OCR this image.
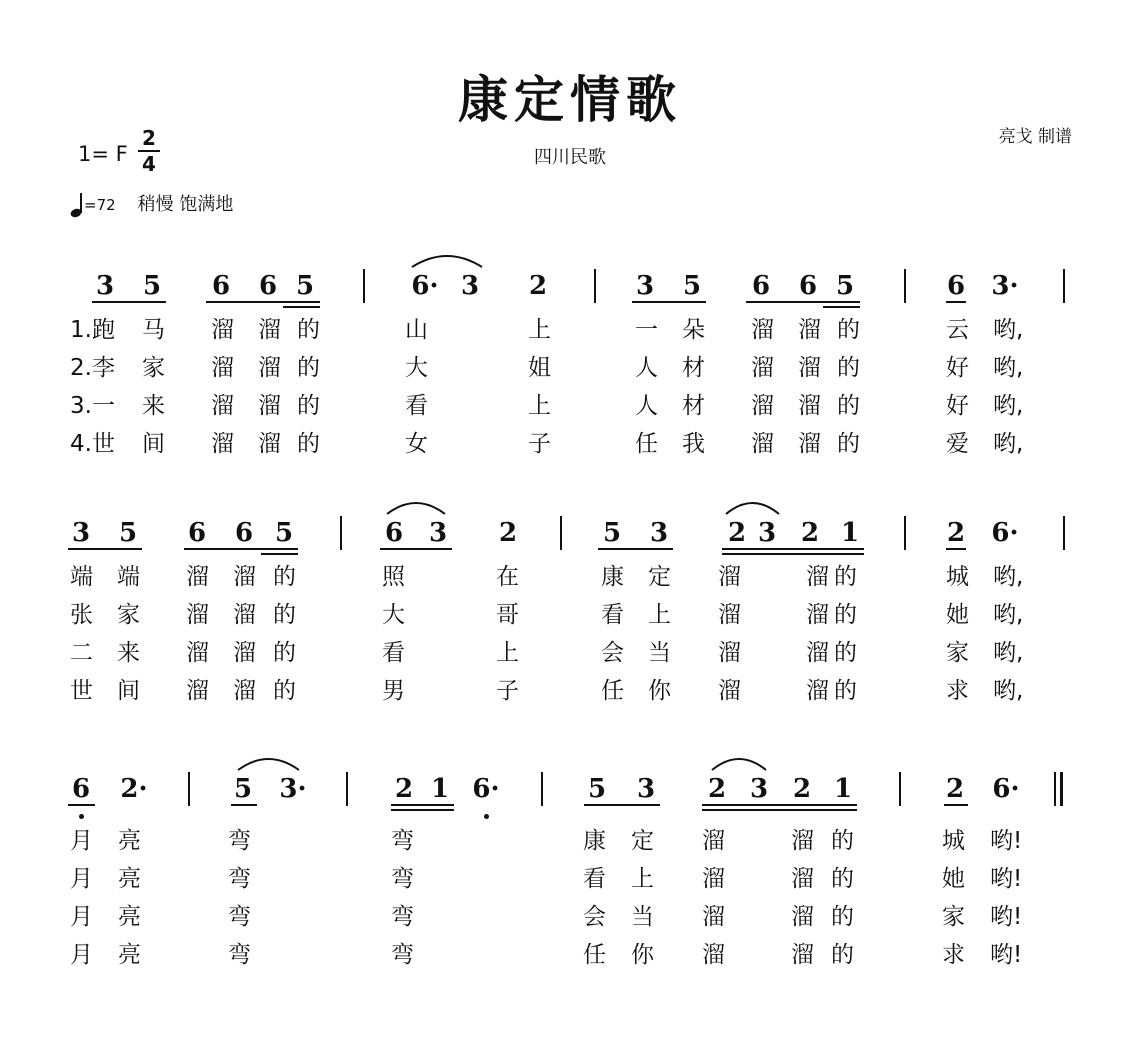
康定情歌
四川民歌
亮戈 制谱
1= F
2
4
=72 稍慢 饱满地
3 5 6 6 5	6· 3 2	3 5 6 6 5	6 3·
1.跑 马 溜 溜 的	山	上	一 朵 溜 溜 的	云 哟,
2.李 家 溜 溜 的	大	姐	人 材 溜 溜 的	好 哟,
3.一 来 溜 溜 的	看	上	人 材 溜 溜 的	好 哟,
4.世 间 溜 溜 的	女	子	任 我 溜 溜 的	爱 哟,
3 5 6 6 5	6 3 2	5 3 2 3 2 1	2 6·
端 端 溜 溜 的	照	在	康 定 溜	溜 的	城 哟,
张 家 溜 溜 的	大	哥	看 上 溜	溜 的	她 哟,
二 来 溜 溜 的	看	上	会 当 溜	溜 的	家 哟,
世 间 溜 溜 的	男	子	任 你 溜	溜 的	求 哟,
6 2·	5 3·	2 1 6·	5 3 2 3 2 1	2 6·
月 亮	弯	弯	康 定 溜	溜 的	城 哟!
月 亮	弯	弯	看 上 溜	溜 的	她 哟!
月 亮	弯	弯	会 当 溜	溜 的	家 哟!
月 亮	弯	弯	任 你 溜	溜 的	求 哟!
